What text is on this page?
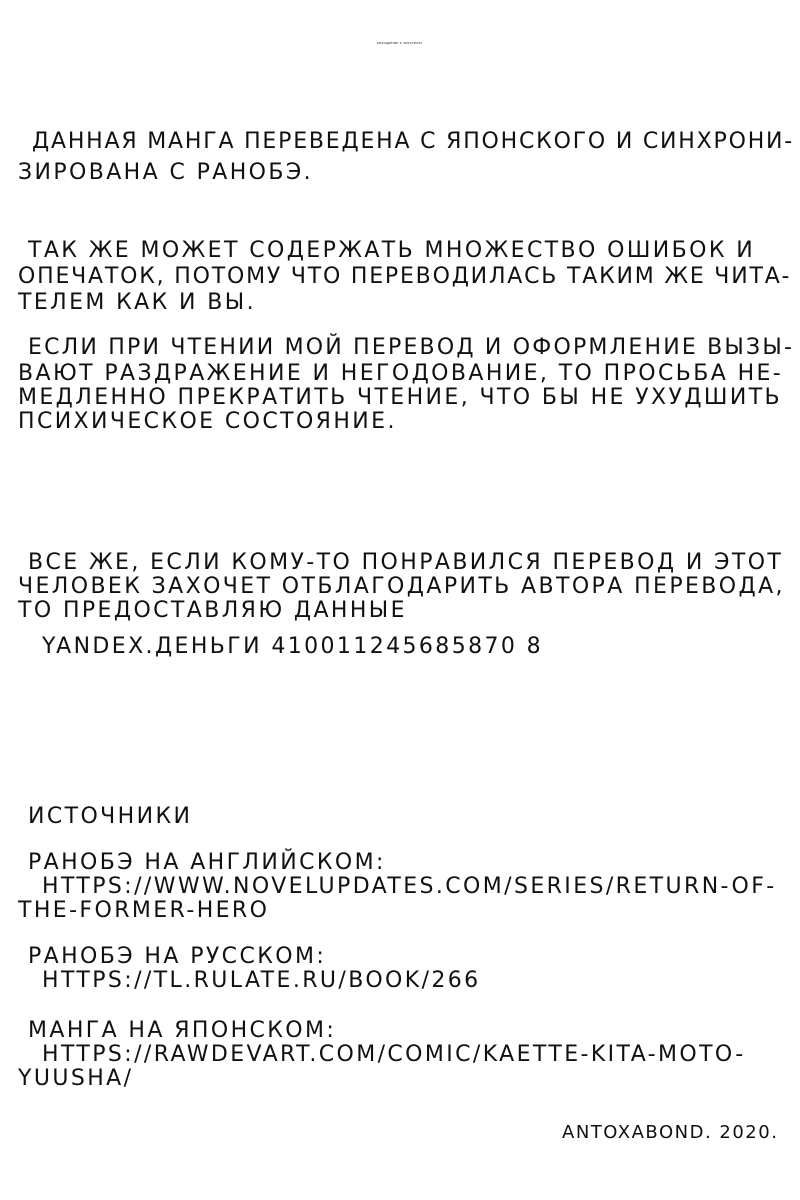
ОБРАЩЕНИЕ К ЧИТАТЕЛЮ.
ДАННАЯ МАНГА ПЕРЕВЕДЕНА С ЯПОНСКОГО И СИНХРОНИ-
ЗИРОВАНА С РАНОБЭ.
ТАК ЖЕ МОЖЕТ СОДЕРЖАТЬ МНОЖЕСТВО ОШИБОК И
ОПЕЧАТОК, ПОТОМУ ЧТО ПЕРЕВОДИЛАСЬ ТАКИМ ЖЕ ЧИТА-
ТЕЛЕМ КАК И ВЫ.
ЕСЛИ ПРИ ЧТЕНИИ МОЙ ПЕРЕВОД И ОФОРМЛЕНИЕ ВЫЗЫ-
ВАЮТ РАЗДРАЖЕНИЕ И НЕГОДОВАНИЕ, ТО ПРОСЬБА НЕ-
МЕДЛЕННО ПРЕКРАТИТЬ ЧТЕНИЕ, ЧТО БЫ НЕ УХУДШИТЬ
ПСИХИЧЕСКОЕ СОСТОЯНИЕ.
ВСЕ ЖЕ, ЕСЛИ КОМУ-ТО ПОНРАВИЛСЯ ПЕРЕВОД И ЭТОТ
ЧЕЛОВЕК ЗАХОЧЕТ ОТБЛАГОДАРИТЬ АВТОРА ПЕРЕВОДА,
ТО ПРЕДОСТАВЛЯЮ ДАННЫЕ
YANDEX.ДЕНЬГИ 410011245685870 8
ИСТОЧНИКИ
РАНОБЭ НА АНГЛИЙСКОМ:
HTTPS://WWW.NOVELUPDATES.COM/SERIES/RETURN-OF-
THE-FORMER-HERO
РАНОБЭ НА РУССКОМ:
HTTPS://TL.RULATE.RU/BOOK/266
МАНГА НА ЯПОНСКОМ:
HTTPS://RAWDEVART.COM/COMIC/KAETTE-KITA-MOTO-
YUUSHA/
ANTOXABOND. 2020.
